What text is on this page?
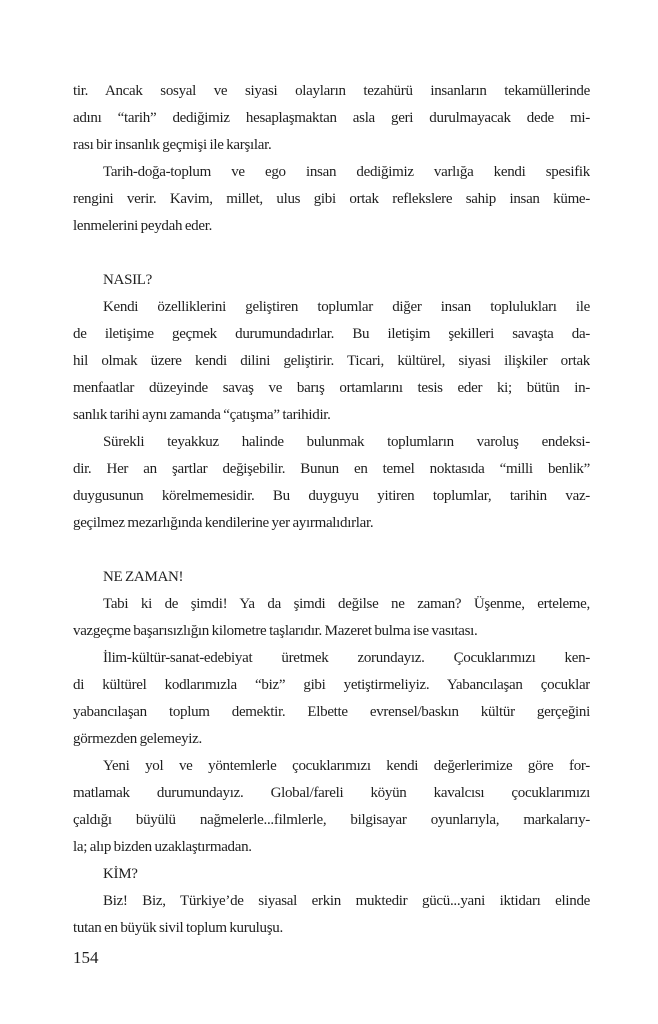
tir. Ancak sosyal ve siyasi olayların tezahürü insanların tekamüllerinde
adını “tarih” dediğimiz hesaplaşmaktan asla geri durulmayacak dede mi-
rası bir insanlık geçmişi ile karşılar.
Tarih-doğa-toplum ve ego insan dediğimiz varlığa kendi spesifik
rengini verir. Kavim, millet, ulus gibi ortak reflekslere sahip insan küme-
lenmelerini peydah eder.
NASIL?
Kendi özelliklerini geliştiren toplumlar diğer insan toplulukları ile
de iletişime geçmek durumundadırlar. Bu iletişim şekilleri savaşta da-
hil olmak üzere kendi dilini geliştirir. Ticari, kültürel, siyasi ilişkiler ortak
menfaatlar düzeyinde savaş ve barış ortamlarını tesis eder ki; bütün in-
sanlık tarihi aynı zamanda “çatışma” tarihidir.
Sürekli teyakkuz halinde bulunmak toplumların varoluş endeksi-
dir. Her an şartlar değişebilir. Bunun en temel noktasıda “milli benlik”
duygusunun körelmemesidir. Bu duyguyu yitiren toplumlar, tarihin vaz-
geçilmez mezarlığında kendilerine yer ayırmalıdırlar.
NE ZAMAN!
Tabi ki de şimdi! Ya da şimdi değilse ne zaman? Üşenme, erteleme,
vazgeçme başarısızlığın kilometre taşlarıdır. Mazeret bulma ise vasıtası.
İlim-kültür-sanat-edebiyat üretmek zorundayız. Çocuklarımızı ken-
di kültürel kodlarımızla “biz” gibi yetiştirmeliyiz. Yabancılaşan çocuklar
yabancılaşan toplum demektir. Elbette evrensel/baskın kültür gerçeğini
görmezden gelemeyiz.
Yeni yol ve yöntemlerle çocuklarımızı kendi değerlerimize göre for-
matlamak durumundayız. Global/fareli köyün kavalcısı çocuklarımızı
çaldığı büyülü nağmelerle...filmlerle, bilgisayar oyunlarıyla, markalarıy-
la; alıp bizden uzaklaştırmadan.
KİM?
Biz! Biz, Türkiye’de siyasal erkin muktedir gücü...yani iktidarı elinde
tutan en büyük sivil toplum kuruluşu.
154
